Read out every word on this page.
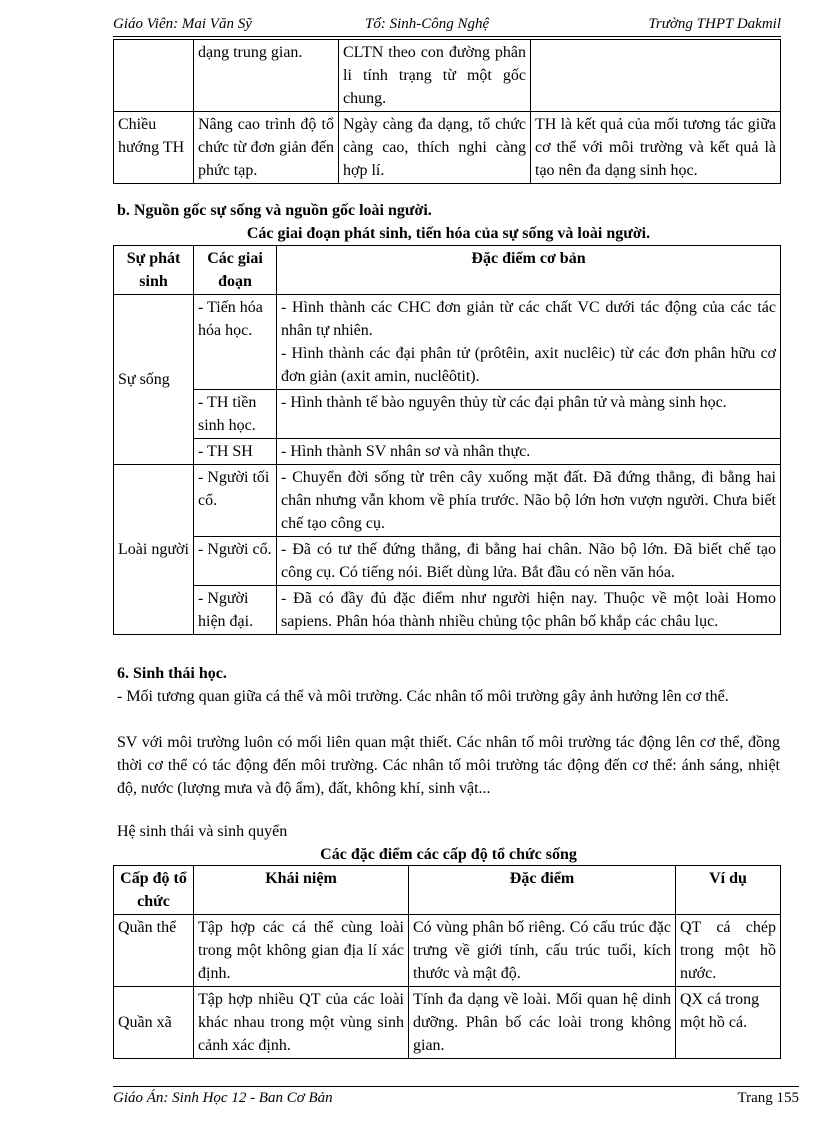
Giáo Viên: Mai Văn Sỹ	Tổ: Sinh-Công Nghệ	Trường THPT Dakmil
	dạng trung gian.	CLTN theo con đường phân li tính trạng từ một gốc chung.	
Chiều hướng TH	Nâng cao trình độ tổ chức từ đơn giản đến phức tạp.	Ngày càng đa dạng, tổ chức càng cao, thích nghi càng hợp lí.	TH là kết quả của mối tương tác giữa cơ thể với môi trường và kết quả là tạo nên đa dạng sinh học.
b. Nguồn gốc sự sống và nguồn gốc loài người.
Các giai đoạn phát sinh, tiến hóa của sự sống và loài người.
Sự phát sinh	Các giai đoạn	Đặc điểm cơ bản
Sự sống	- Tiến hóa hóa học.	- Hình thành các CHC đơn giản từ các chất VC dưới tác động của các tác nhân tự nhiên.

- Hình thành các đại phân tử (prôtêin, axit nuclêic) từ các đơn phân hữu cơ đơn giản (axit amin, nuclêôtit).

	- TH tiền sinh học.	- Hình thành tế bào nguyên thủy từ các đại phân tử và màng sinh học.
	- TH SH	- Hình thành SV nhân sơ và nhân thực.
Loài người	- Người tối cổ.	- Chuyển đời sống từ trên cây xuống mặt đất. Đã đứng thẳng, đi bằng hai chân nhưng vẫn khom về phía trước. Não bộ lớn hơn vượn người. Chưa biết chế tạo công cụ.
	- Người cổ.	- Đã có tư thế đứng thẳng, đi bằng hai chân. Não bộ lớn. Đã biết chế tạo công cụ. Có tiếng nói. Biết dùng lửa. Bắt đầu có nền văn hóa.
	- Người hiện đại.	- Đã có đầy đủ đặc điểm như người hiện nay. Thuộc về một loài Homo sapiens. Phân hóa thành nhiều chủng tộc phân bố khắp các châu lục.
6. Sinh thái học.
- Mối tương quan giữa cá thể và môi trường. Các nhân tố môi trường gây ảnh hưởng lên cơ thể.
SV với môi trường luôn có mối liên quan mật thiết. Các nhân tố môi trường tác động lên cơ thể, đồng thời cơ thể có tác động đến môi trường. Các nhân tố môi trường tác động đến cơ thể: ánh sáng, nhiệt độ, nước (lượng mưa và độ ẩm), đất, không khí, sinh vật...
Hệ sinh thái và sinh quyển
Các đặc điểm các cấp độ tổ chức sống
Cấp độ tổ chức	Khái niệm	Đặc điểm	Ví dụ
Quần thể	Tập hợp các cá thể cùng loài trong một không gian địa lí xác định.	Có vùng phân bố riêng. Có cấu trúc đặc trưng về giới tính, cấu trúc tuổi, kích thước và mật độ.	QT cá chép trong một hồ nước.
Quần xã	Tập hợp nhiều QT của các loài khác nhau trong một vùng sinh cảnh xác định.	Tính đa dạng về loài. Mối quan hệ dinh dưỡng. Phân bố các loài trong không gian.	QX cá trong một hồ cá.
Giáo Án: Sinh Học 12 - Ban Cơ Bản	Trang 155
